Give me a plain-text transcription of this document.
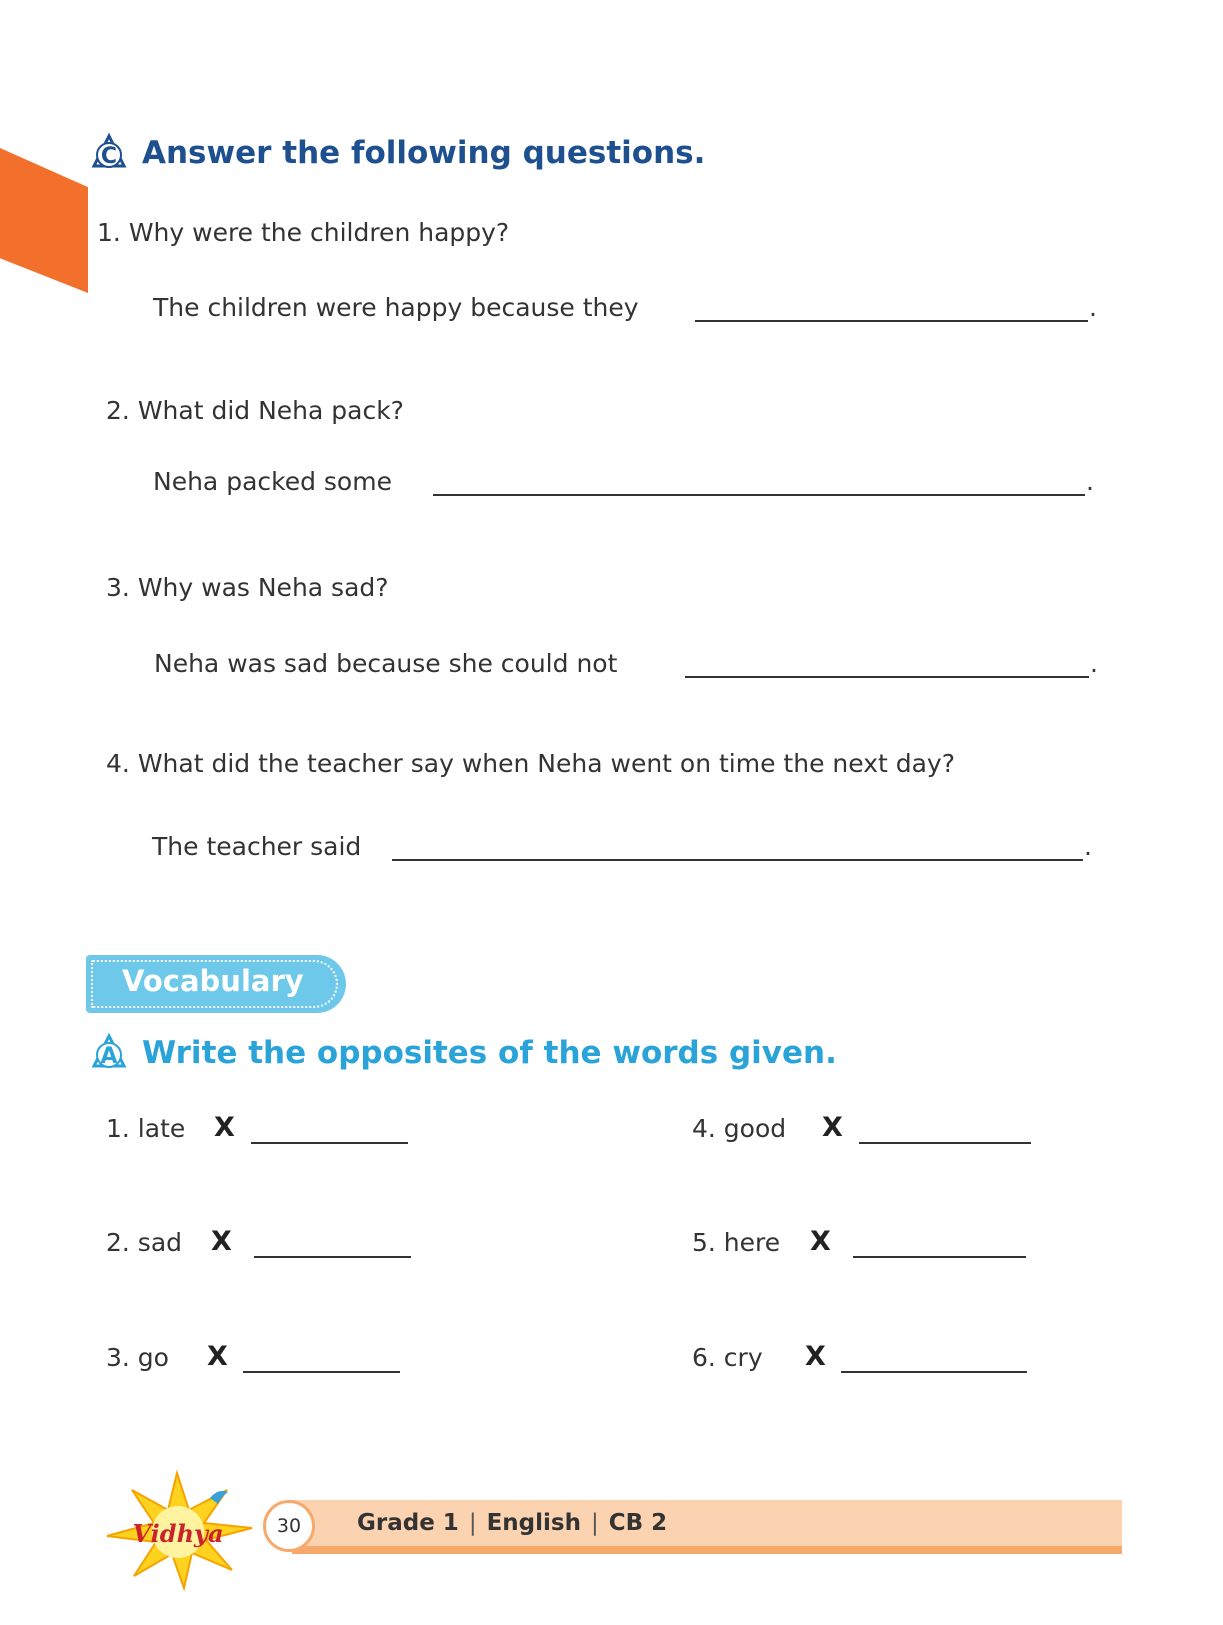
C Answer the following questions.
1. Why were the children happy?
The children were happy because they	.
2. What did Neha pack?
Neha packed some	.
3. Why was Neha sad?
Neha was sad because she could not	.
4. What did the teacher say when Neha went on time the next day?
The teacher said	.
Vocabulary
A Write the opposites of the words given.
1. late X
2. sad X
3. go X
4. good X
5. here X
6. cry X
Vidhya	30	Grade 1 | English | CB 2
